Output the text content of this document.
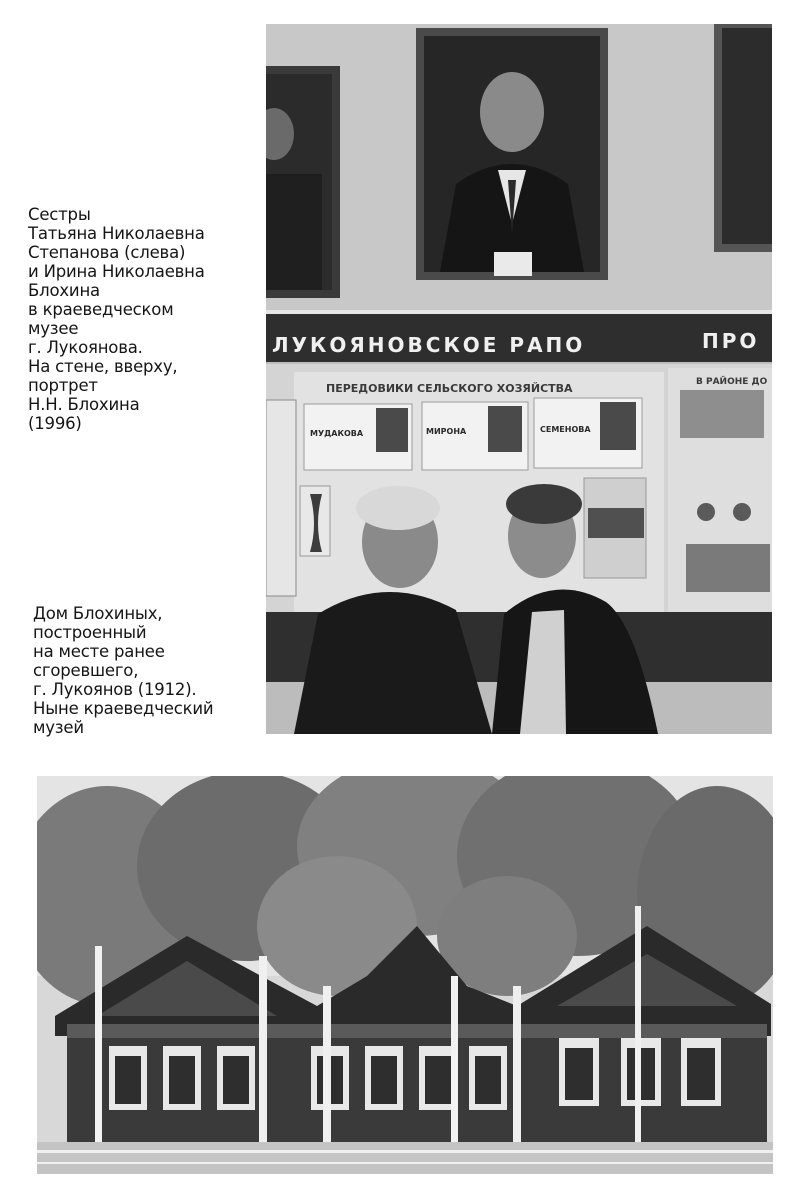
Сестры
Татьяна Николаевна
Степанова (слева)
и Ирина Николаевна
Блохина
в краеведческом
музее
г. Лукоянова.
На стене, вверху,
портрет
Н.Н. Блохина
(1996)
Дом Блохиных,
построенный
на месте ранее
сгоревшего,
г. Лукоянов (1912).
Ныне краеведческий
музей
ЛУКОЯНОВСКОЕ РАПО	ПРО
ПЕРЕДОВИКИ СЕЛЬСКОГО ХОЗЯЙСТВА
МУДАКОВА	МИРОНА	СЕМЕНОВА
В РАЙОНЕ ДО
